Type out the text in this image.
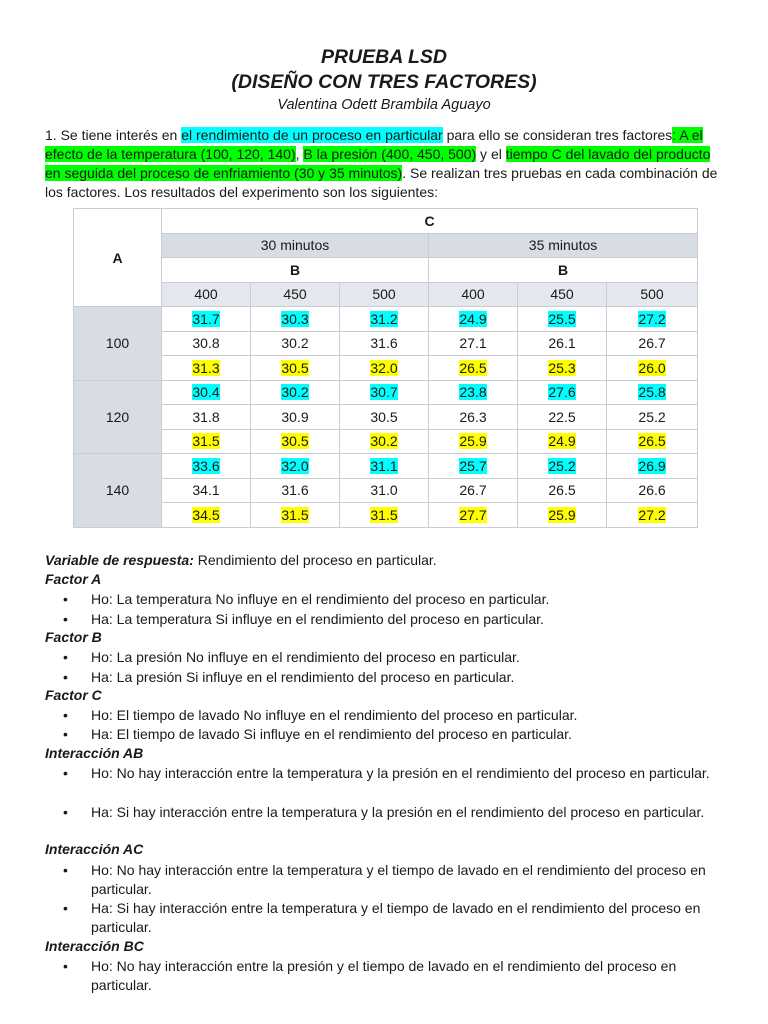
PRUEBA LSD
(DISEÑO CON TRES FACTORES)
Valentina Odett Brambila Aguayo
1. Se tiene interés en el rendimiento de un proceso en particular para ello se consideran tres factores: A el efecto de la temperatura (100, 120, 140), B la presión (400, 450, 500) y el tiempo C del lavado del producto en seguida del proceso de enfriamiento (30 y 35 minutos). Se realizan tres pruebas en cada combinación de los factores. Los resultados del experimento son los siguientes:
A	C					
	30 minutos			35 minutos		
	B			B		
	400	450	500	400	450	500
100	31.7	30.3	31.2	24.9	25.5	27.2
	30.8	30.2	31.6	27.1	26.1	26.7
	31.3	30.5	32.0	26.5	25.3	26.0
120	30.4	30.2	30.7	23.8	27.6	25.8
	31.8	30.9	30.5	26.3	22.5	25.2
	31.5	30.5	30.2	25.9	24.9	26.5
140	33.6	32.0	31.1	25.7	25.2	26.9
	34.1	31.6	31.0	26.7	26.5	26.6
	34.5	31.5	31.5	27.7	25.9	27.2
Variable de respuesta: Rendimiento del proceso en particular.
Factor A
• Ho: La temperatura No influye en el rendimiento del proceso en particular.
• Ha: La temperatura Si influye en el rendimiento del proceso en particular.
Factor B
• Ho: La presión No influye en el rendimiento del proceso en particular.
• Ha: La presión Si influye en el rendimiento del proceso en particular.
Factor C
• Ho: El tiempo de lavado No influye en el rendimiento del proceso en particular.
• Ha: El tiempo de lavado Si influye en el rendimiento del proceso en particular.
Interacción AB
• Ho: No hay interacción entre la temperatura y la presión en el rendimiento del proceso en particular.
• Ha: Si hay interacción entre la temperatura y la presión en el rendimiento del proceso en particular.
Interacción AC
• Ho: No hay interacción entre la temperatura y el tiempo de lavado en el rendimiento del proceso en particular.
• Ha: Si hay interacción entre la temperatura y el tiempo de lavado en el rendimiento del proceso en particular.
Interacción BC
• Ho: No hay interacción entre la presión y el tiempo de lavado en el rendimiento del proceso en particular.
